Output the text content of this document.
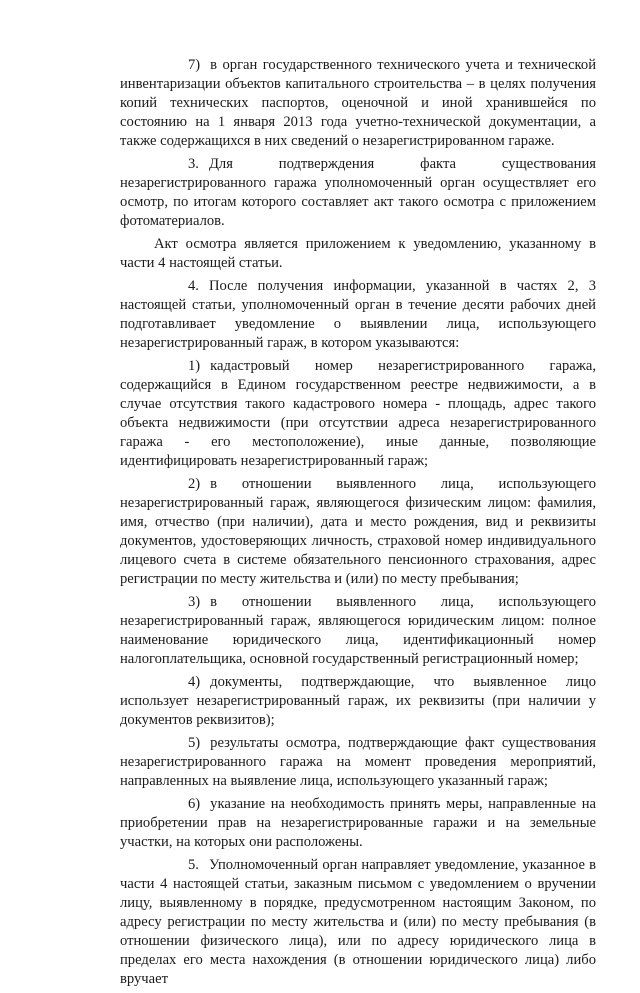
7) в орган государственного технического учета и технической инвентаризации объектов капитального строительства – в целях получения копий технических паспортов, оценочной и иной хранившейся по состоянию на 1 января 2013 года учетно-технической документации, а также содержащихся в них сведений о незарегистрированном гараже.

3. Для подтверждения факта существования незарегистрированного гаража уполномоченный орган осуществляет его осмотр, по итогам которого составляет акт такого осмотра с приложением фотоматериалов.

Акт осмотра является приложением к уведомлению, указанному в части 4 настоящей статьи.

4. После получения информации, указанной в частях 2, 3 настоящей статьи, уполномоченный орган в течение десяти рабочих дней подготавливает уведомление о выявлении лица, использующего незарегистрированный гараж, в котором указываются:

1) кадастровый номер незарегистрированного гаража, содержащийся в Едином государственном реестре недвижимости, а в случае отсутствия такого кадастрового номера - площадь, адрес такого объекта недвижимости (при отсутствии адреса незарегистрированного гаража - его местоположение), иные данные, позволяющие идентифицировать незарегистрированный гараж;

2) в отношении выявленного лица, использующего незарегистрированный гараж, являющегося физическим лицом: фамилия, имя, отчество (при наличии), дата и место рождения, вид и реквизиты документов, удостоверяющих личность, страховой номер индивидуального лицевого счета в системе обязательного пенсионного страхования, адрес регистрации по месту жительства и (или) по месту пребывания;

3) в отношении выявленного лица, использующего незарегистрированный гараж, являющегося юридическим лицом: полное наименование юридического лица, идентификационный номер налогоплательщика, основной государственный регистрационный номер;

4) документы, подтверждающие, что выявленное лицо использует незарегистрированный гараж, их реквизиты (при наличии у документов реквизитов);

5) результаты осмотра, подтверждающие факт существования незарегистрированного гаража на момент проведения мероприятий, направленных на выявление лица, использующего указанный гараж;

6) указание на необходимость принять меры, направленные на приобретении прав на незарегистрированные гаражи и на земельные участки, на которых они расположены.

5. Уполномоченный орган направляет уведомление, указанное в части 4 настоящей статьи, заказным письмом с уведомлением о вручении лицу, выявленному в порядке, предусмотренном настоящим Законом, по адресу регистрации по месту жительства и (или) по месту пребывания (в отношении физического лица), или по адресу юридического лица в пределах его места нахождения (в отношении юридического лица) либо вручает
